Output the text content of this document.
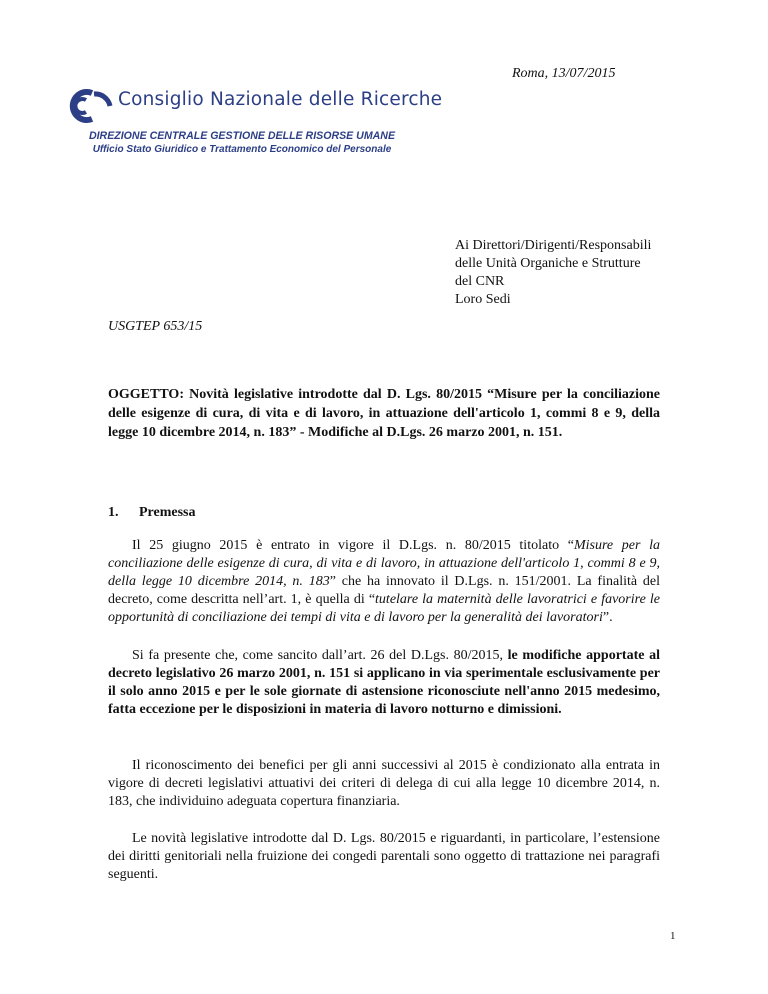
Roma, 13/07/2015
Consiglio Nazionale delle Ricerche
DIREZIONE CENTRALE GESTIONE DELLE RISORSE UMANE
Ufficio Stato Giuridico e Trattamento Economico del Personale
Ai Direttori/Dirigenti/Responsabili
delle Unità Organiche e Strutture
del CNR
Loro Sedi
USGTEP 653/15
OGGETTO: Novità legislative introdotte dal D. Lgs. 80/2015 “Misure per la conciliazione delle esigenze di cura, di vita e di lavoro, in attuazione dell'articolo 1, commi 8 e 9, della legge 10 dicembre 2014, n. 183” - Modifiche al D.Lgs. 26 marzo 2001, n. 151.
1. Premessa

Il 25 giugno 2015 è entrato in vigore il D.Lgs. n. 80/2015 titolato “Misure per la conciliazione delle esigenze di cura, di vita e di lavoro, in attuazione dell'articolo 1, commi 8 e 9, della legge 10 dicembre 2014, n. 183” che ha innovato il D.Lgs. n. 151/2001. La finalità del decreto, come descritta nell’art. 1, è quella di “tutelare la maternità delle lavoratrici e favorire le opportunità di conciliazione dei tempi di vita e di lavoro per la generalità dei lavoratori”.

Si fa presente che, come sancito dall’art. 26 del D.Lgs. 80/2015, le modifiche apportate al decreto legislativo 26 marzo 2001, n. 151 si applicano in via sperimentale esclusivamente per il solo anno 2015 e per le sole giornate di astensione riconosciute nell'anno 2015 medesimo, fatta eccezione per le disposizioni in materia di lavoro notturno e dimissioni.

Il riconoscimento dei benefici per gli anni successivi al 2015 è condizionato alla entrata in vigore di decreti legislativi attuativi dei criteri di delega di cui alla legge 10 dicembre 2014, n. 183, che individuino adeguata copertura finanziaria.

Le novità legislative introdotte dal D. Lgs. 80/2015 e riguardanti, in particolare, l’estensione dei diritti genitoriali nella fruizione dei congedi parentali sono oggetto di trattazione nei paragrafi seguenti.

1
